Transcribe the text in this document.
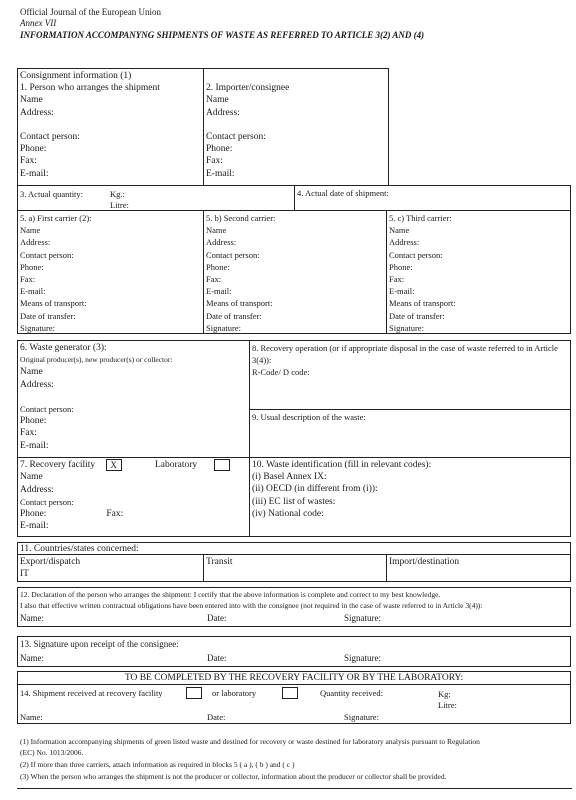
Official Journal of the European Union
Annex VII
INFORMATION ACCOMPANYNG SHIPMENTS OF WASTE AS REFERRED TO ARTICLE 3(2) AND (4)
Consignment information (1)
1. Person who arranges the shipment
Name
Address:

Contact person:
Phone:
Fax:
E-mail:

2. Importer/consignee
Name
Address:

Contact person:
Phone:
Fax:
E-mail:
3. Actual quantity:	Kg.:
Litre:
4. Actual date of shipment:
5. a) First carrier (2):
Name
Address:
Contact person:
Phone:
Fax:
E-mail:
Means of transport:
Date of transfer:
Signature:
5. b) Second carrier:
Name
Address:
Contact person:
Phone:
Fax:
E-mail:
Means of transport:
Date of transfer:
Signature:
5. c) Third carrier:
Name
Address:
Contact person:
Phone:
Fax:
E-mail:
Means of transport:
Date of transfer:
Signature:
6. Waste generator (3):
Original producer(s), new producer(s) or collector:
Name
Address:

Contact person:
Phone:
Fax:
E-mail:
8. Recovery operation (or if appropriate disposal in the case of waste referred to in Article 3(4)):
R-Code/ D code:
9. Usual description of the waste:
7. Recovery facility X	Laboratory
Name
Address:
Contact person:
Phone:	Fax:
E-mail:
10. Waste identification (fill in relevant codes):
(i) Basel Annex IX:
(ii) OECD (in different from (i)):
(iii) EC list of wastes:
(iv) National code:
11. Countries/states concerned:
Export/dispatch
IT
Transit	Import/destination
12. Declaration of the person who arranges the shipment: I certify that the above information is complete and correct to my best knowledge.
I also that effective written contractual obligations have been entered into with the consignee (not required in the case of waste referred to in Article 3(4)):
Name:	Date:	Signature:
13. Signature upon receipt of the consignee:
Name:	Date:	Signature:
TO BE COMPLETED BY THE RECOVERY FACILITY OR BY THE LABORATORY:
14. Shipment received at recovery facility	or laboratory	Quantity received:	Kg:
Litre:
Name:	Date:	Signature:
(1) Information accompanying shipments of green listed waste and destined for recovery or waste destined for laboratory analysis pursuant to Regulation
(EC) No. 1013/2006.
(2) If more than three carriers, attach information as required in blocks 5 ( a ), ( b ) and ( c )
(3) When the person who arranges the shipment is not the producer or collector, information about the producer or collector shall be provided.
